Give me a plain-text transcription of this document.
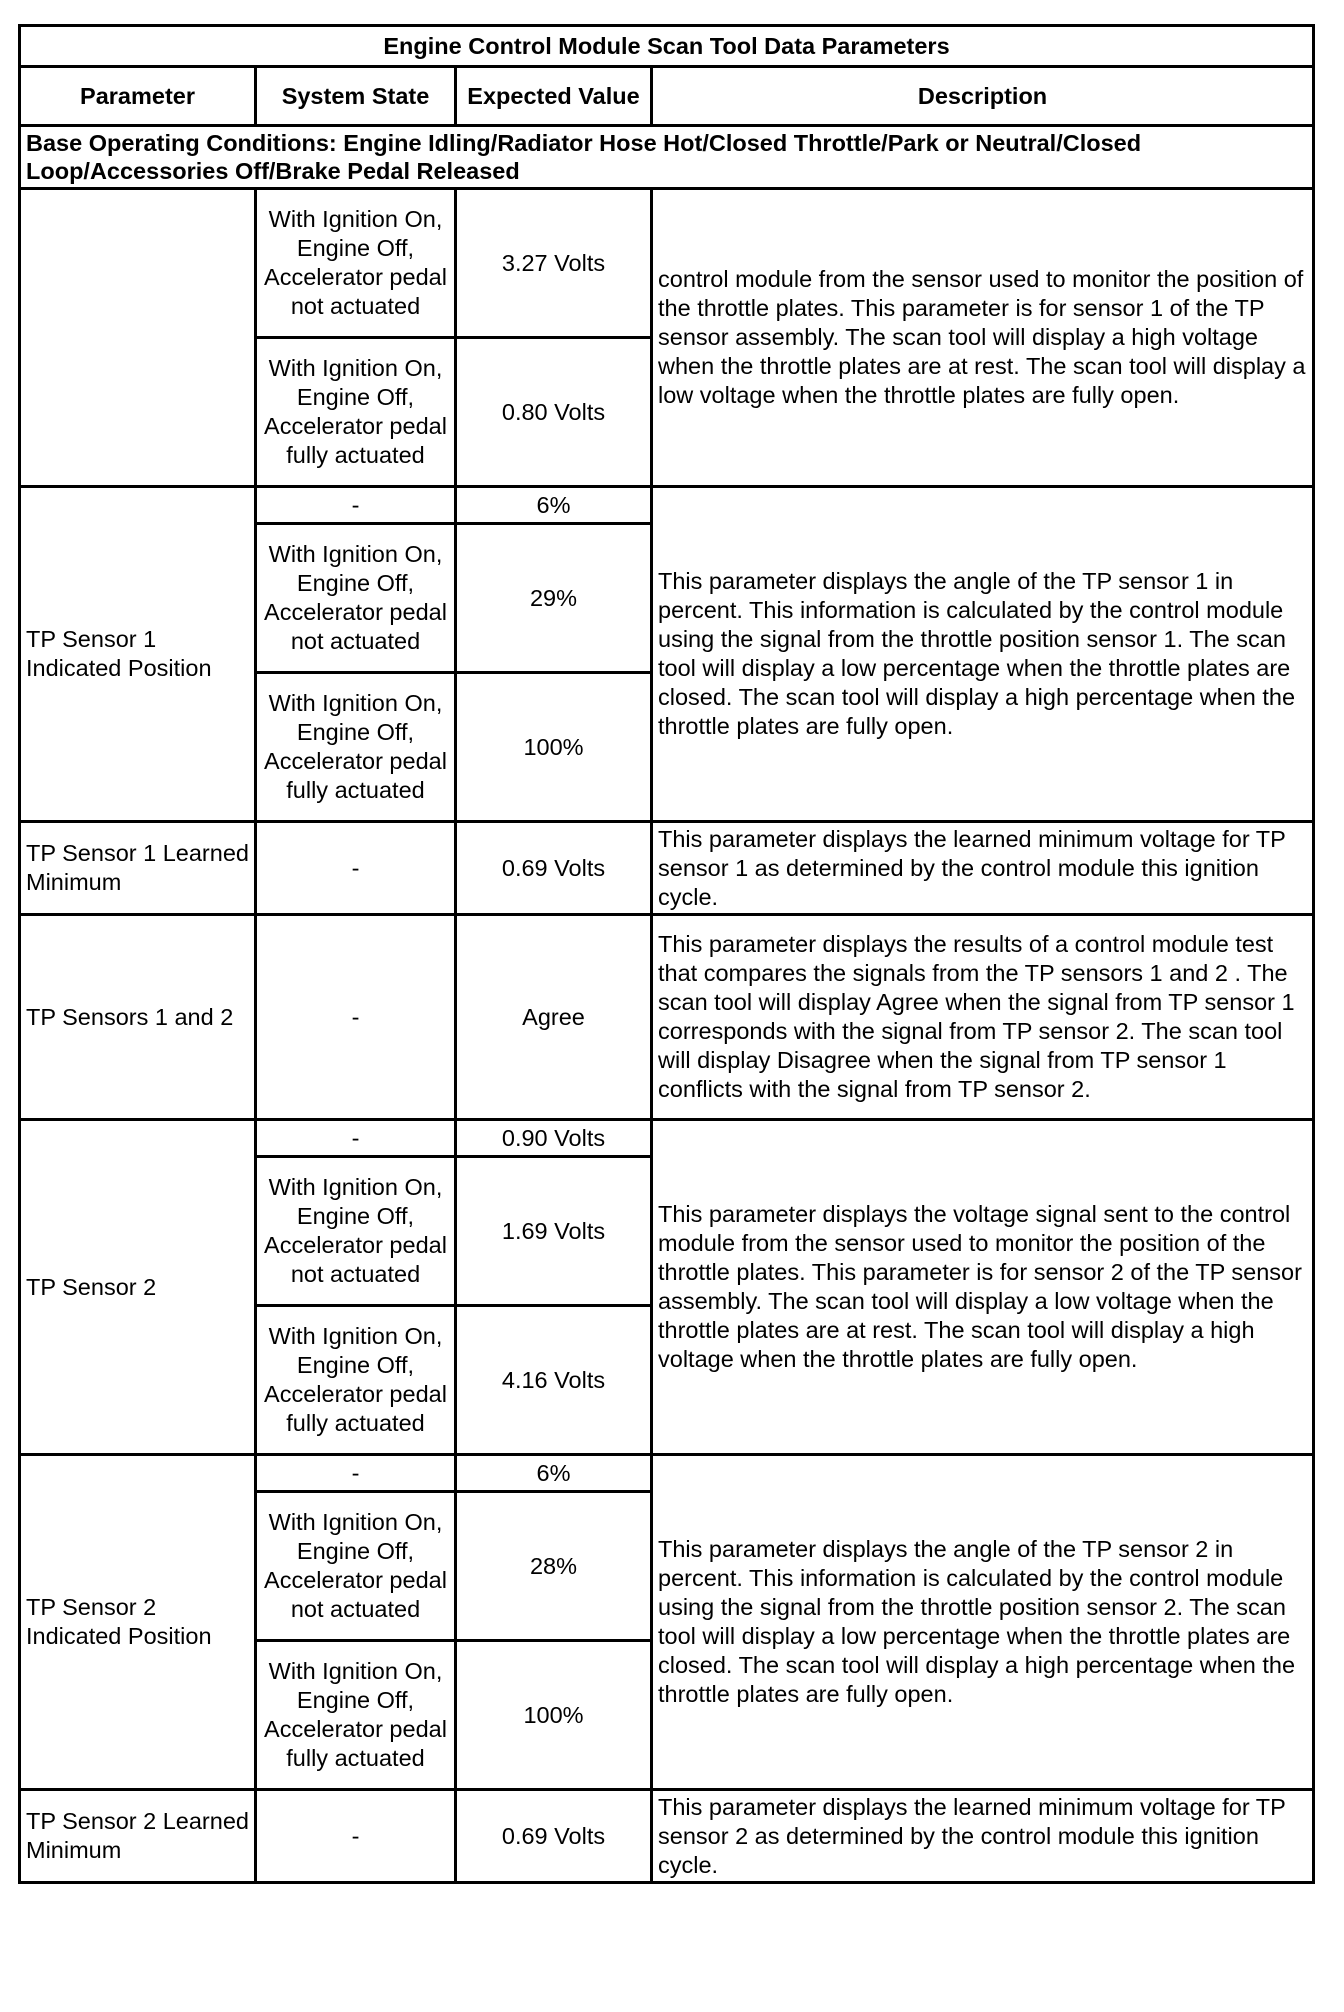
Engine Control Module Scan Tool Data Parameters			
Parameter	System State	Expected Value	Description
Base Operating Conditions: Engine Idling/Radiator Hose Hot/Closed Throttle/Park or Neutral/Closed Loop/Accessories Off/Brake Pedal Released			
	With Ignition On, Engine Off, Accelerator pedal not actuated	3.27 Volts	control module from the sensor used to monitor the position of the throttle plates. This parameter is for sensor 1 of the TP sensor assembly. The scan tool will display a high voltage when the throttle plates are at rest. The scan tool will display a low voltage when the throttle plates are fully open.
	With Ignition On, Engine Off, Accelerator pedal fully actuated	0.80 Volts	
TP Sensor 1 Indicated Position	-	6%	This parameter displays the angle of the TP sensor 1 in percent. This information is calculated by the control module using the signal from the throttle position sensor 1. The scan tool will display a low percentage when the throttle plates are closed. The scan tool will display a high percentage when the throttle plates are fully open.
	With Ignition On, Engine Off, Accelerator pedal not actuated	29%	
	With Ignition On, Engine Off, Accelerator pedal fully actuated	100%	
TP Sensor 1 Learned Minimum	-	0.69 Volts	This parameter displays the learned minimum voltage for TP sensor 1 as determined by the control module this ignition cycle.
TP Sensors 1 and 2	-	Agree	This parameter displays the results of a control module test that compares the signals from the TP sensors 1 and 2 . The scan tool will display Agree when the signal from TP sensor 1 corresponds with the signal from TP sensor 2. The scan tool will display Disagree when the signal from TP sensor 1 conflicts with the signal from TP sensor 2.
TP Sensor 2	-	0.90 Volts	This parameter displays the voltage signal sent to the control module from the sensor used to monitor the position of the throttle plates. This parameter is for sensor 2 of the TP sensor assembly. The scan tool will display a low voltage when the throttle plates are at rest. The scan tool will display a high voltage when the throttle plates are fully open.
	With Ignition On, Engine Off, Accelerator pedal not actuated	1.69 Volts	
	With Ignition On, Engine Off, Accelerator pedal fully actuated	4.16 Volts	
TP Sensor 2 Indicated Position	-	6%	This parameter displays the angle of the TP sensor 2 in percent. This information is calculated by the control module using the signal from the throttle position sensor 2. The scan tool will display a low percentage when the throttle plates are closed. The scan tool will display a high percentage when the throttle plates are fully open.
	With Ignition On, Engine Off, Accelerator pedal not actuated	28%	
	With Ignition On, Engine Off, Accelerator pedal fully actuated	100%	
TP Sensor 2 Learned Minimum	-	0.69 Volts	This parameter displays the learned minimum voltage for TP sensor 2 as determined by the control module this ignition cycle.
